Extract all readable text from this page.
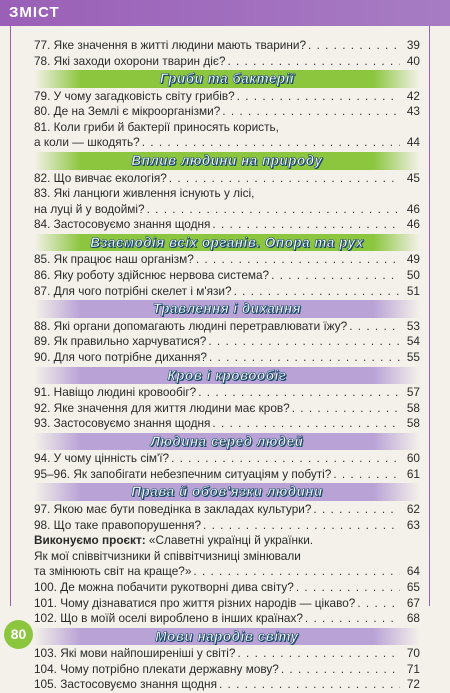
ЗМІСТ
77. Яке значення в житті людини мають тварини? . . .	39
78. Які заходи охорони тварин діє? . . .	40
Гриби та бактерії
79. У чому загадковість світу грибів? . . .	42
80. Де на Землі є мікроорганізми? . . .	43
81. Коли гриби й бактерії приносять користь,
а коли — шкодять? . . .	44
Вплив людини на природу
82. Що вивчає екологія? . . .	45
83. Які ланцюги живлення існують у лісі,
на луці й у водоймі? . . .	46
84. Застосовуємо знання щодня . . .	46
Взаємодія всіх органів. Опора та рух
85. Як працює наш організм? . . .	49
86. Яку роботу здійснює нервова система? . . .	50
87. Для чого потрібні скелет і м'язи? . . .	51
Травлення і дихання
88. Які органи допомагають людині перетравлювати їжу? . . .	53
89. Як правильно харчуватися? . . .	54
90. Для чого потрібне дихання? . . .	55
Кров і кровообіг
91. Навіщо людині кровообіг? . . .	57
92. Яке значення для життя людини має кров? . . .	58
93. Застосовуємо знання щодня . . .	58
Людина серед людей
94. У чому цінність сім'ї? . . .	60
95–96. Як запобігати небезпечним ситуаціям у побуті? . . .	61
Права й обов'язки людини
97. Якою має бути поведінка в закладах культури? . . .	62
98. Що таке правопорушення? . . .	63
Виконуємо проєкт: «Славетні українці й українки.
Як мої співвітчизники й співвітчизниці змінювали
та змінюють світ на краще?» . . .	64
100. Де можна побачити рукотворні дива світу? . . .	65
101. Чому дізнаватися про життя різних народів — цікаво? . . .	67
102. Що в моїй оселі вироблено в інших країнах? . . .	68
Мови народів світу
103. Які мови найпоширеніші у світі? . . .	70
104. Чому потрібно плекати державну мову? . . .	71
105. Застосовуємо знання щодня . . .	72
80
